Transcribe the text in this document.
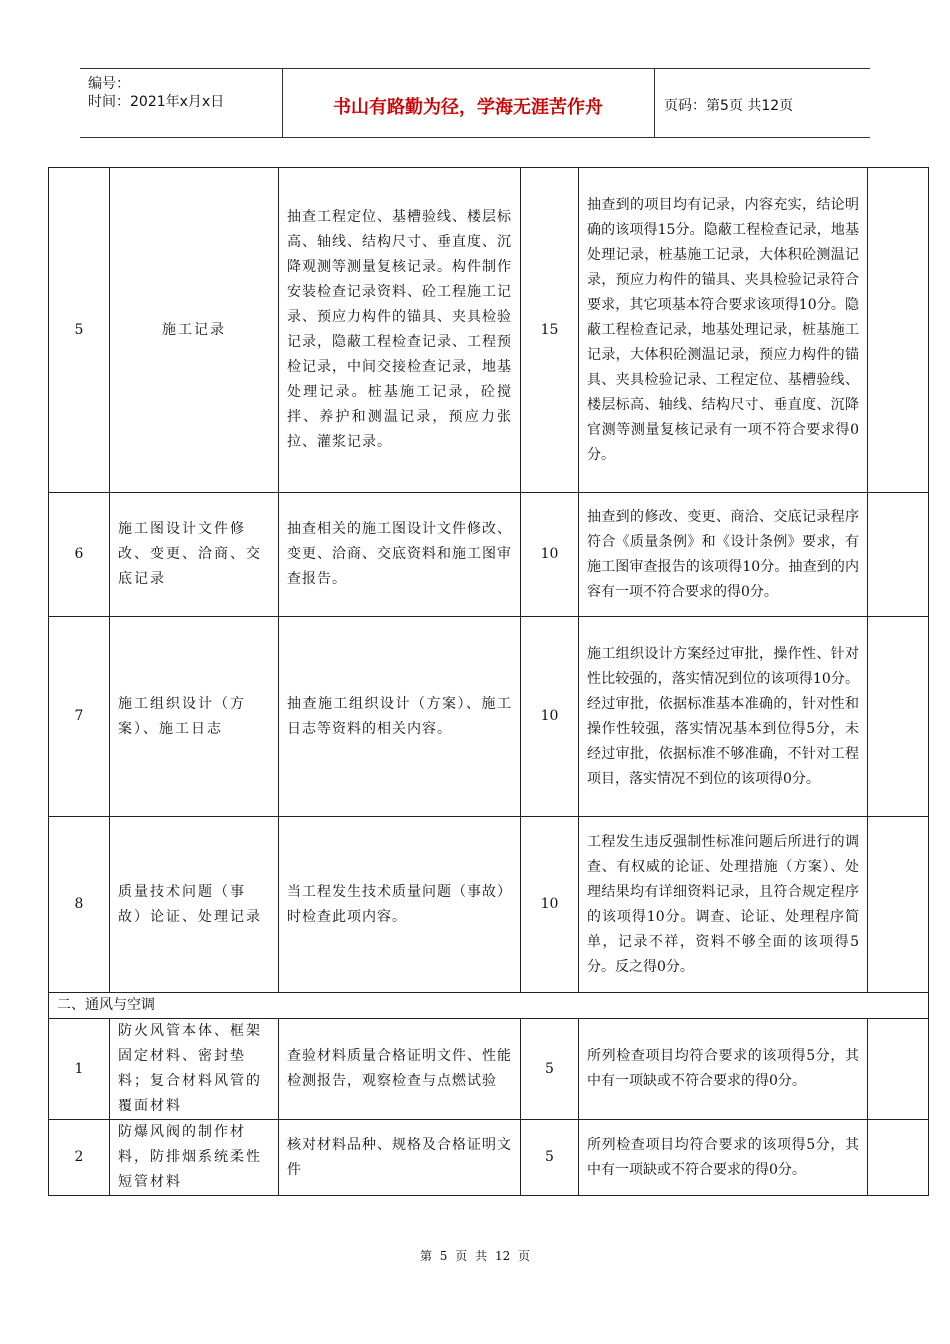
编号：
时间：2021年x月x日	书山有路勤为径，学海无涯苦作舟	页码：第5页 共12页
5	施工记录	抽查工程定位、基槽验线、楼层标高、轴线、结构尺寸、垂直度、沉降观测等测量复核记录。构件制作安装检查记录资料、砼工程施工记录、预应力构件的锚具、夹具检验记录，隐蔽工程检查记录、工程预检记录，中间交接检查记录，地基处理记录。桩基施工记录，砼搅拌、养护和测温记录，预应力张拉、灌浆记录。	15	抽查到的项目均有记录，内容充实，结论明确的该项得15分。隐蔽工程检查记录，地基处理记录，桩基施工记录，大体积砼测温记录，预应力构件的锚具、夹具检验记录符合要求，其它项基本符合要求该项得10分。隐蔽工程检查记录，地基处理记录，桩基施工记录，大体积砼测温记录，预应力构件的锚具、夹具检验记录、工程定位、基槽验线、楼层标高、轴线、结构尺寸、垂直度、沉降官测等测量复核记录有一项不符合要求得0分。	
6	施工图设计文件修改、变更、洽商、交底记录	抽查相关的施工图设计文件修改、变更、洽商、交底资料和施工图审查报告。	10	抽查到的修改、变更、商洽、交底记录程序符合《质量条例》和《设计条例》要求，有施工图审查报告的该项得10分。抽查到的内容有一项不符合要求的得0分。	
7	施工组织设计（方案）、施工日志	抽查施工组织设计（方案）、施工日志等资料的相关内容。	10	施工组织设计方案经过审批，操作性、针对性比较强的，落实情况到位的该项得10分。经过审批，依据标准基本准确的，针对性和操作性较强，落实情况基本到位得5分，未经过审批，依据标准不够准确，不针对工程项目，落实情况不到位的该项得0分。	
8	质量技术问题（事故）论证、处理记录	当工程发生技术质量问题（事故）时检查此项内容。	10	工程发生违反强制性标准问题后所进行的调查、有权威的论证、处理措施（方案）、处理结果均有详细资料记录，且符合规定程序的该项得10分。调查、论证、处理程序简单，记录不祥，资料不够全面的该项得5分。反之得0分。	
二、通风与空调					
1	防火风管本体、框架固定材料、密封垫料；复合材料风管的覆面材料	查验材料质量合格证明文件、性能检测报告，观察检查与点燃试验	5	所列检查项目均符合要求的该项得5分，其中有一项缺或不符合要求的得0分。	
2	防爆风阀的制作材料，防排烟系统柔性短管材料	核对材料品种、规格及合格证明文件	5	所列检查项目均符合要求的该项得5分，其中有一项缺或不符合要求的得0分。	
第 5 页 共 12 页
